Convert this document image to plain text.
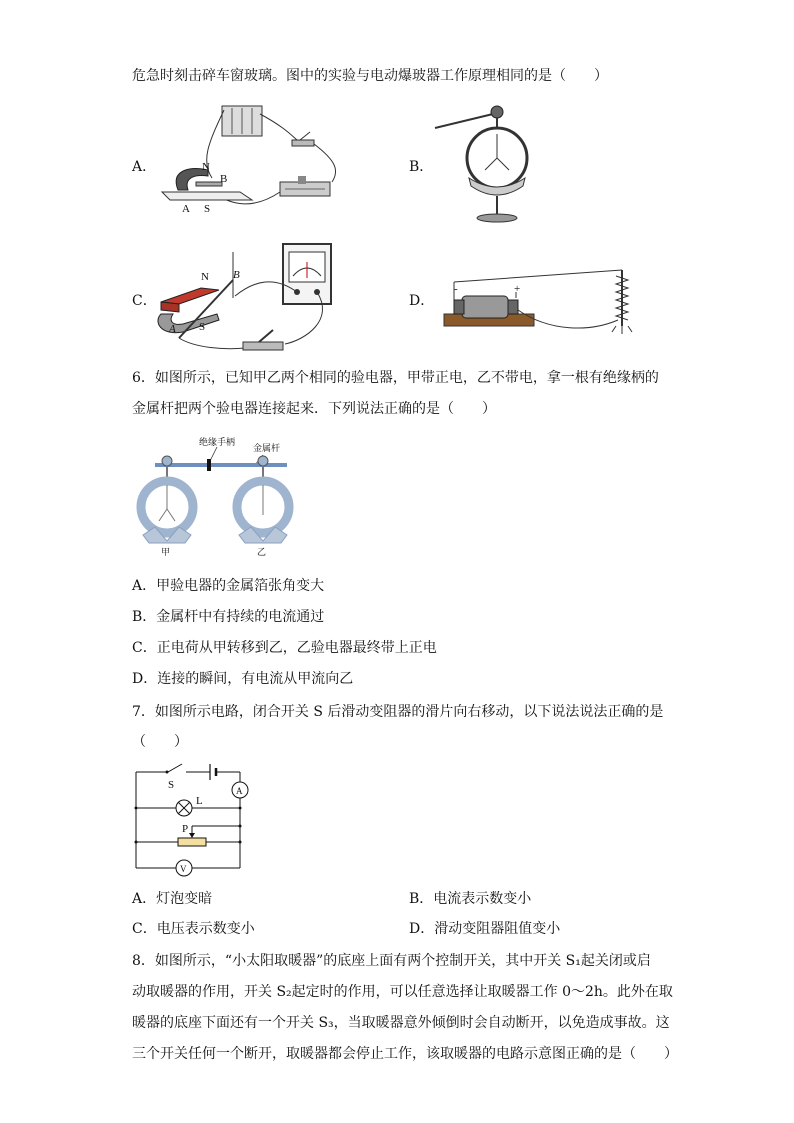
危急时刻击碎车窗玻璃。图中的实验与电动爆玻器工作原理相同的是（　　）
A．	N
B
A S
B．
C．
N B
A S
D．
-	+
6．如图所示，已知甲乙两个相同的验电器，甲带正电，乙不带电，拿一根有绝缘柄的
金属杆把两个验电器连接起来．下列说法正确的是（　　）
绝缘手柄
金属杆
甲	乙
A．甲验电器的金属箔张角变大
B．金属杆中有持续的电流通过
C．正电荷从甲转移到乙，乙验电器最终带上正电
D．连接的瞬间，有电流从甲流向乙
7．如图所示电路，闭合开关 S 后滑动变阻器的滑片向右移动，以下说法说法正确的是
（　　）
A
S
L
P
V
A．灯泡变暗	B．电流表示数变小
C．电压表示数变小	D．滑动变阻器阻值变小
8．如图所示，“小太阳取暖器”的底座上面有两个控制开关，其中开关 S₁起关闭或启
动取暖器的作用，开关 S₂起定时的作用，可以任意选择让取暖器工作 0～2h。此外在取
暖器的底座下面还有一个开关 S₃，当取暖器意外倾倒时会自动断开，以免造成事故。这
三个开关任何一个断开，取暖器都会停止工作，该取暖器的电路示意图正确的是（　　）
